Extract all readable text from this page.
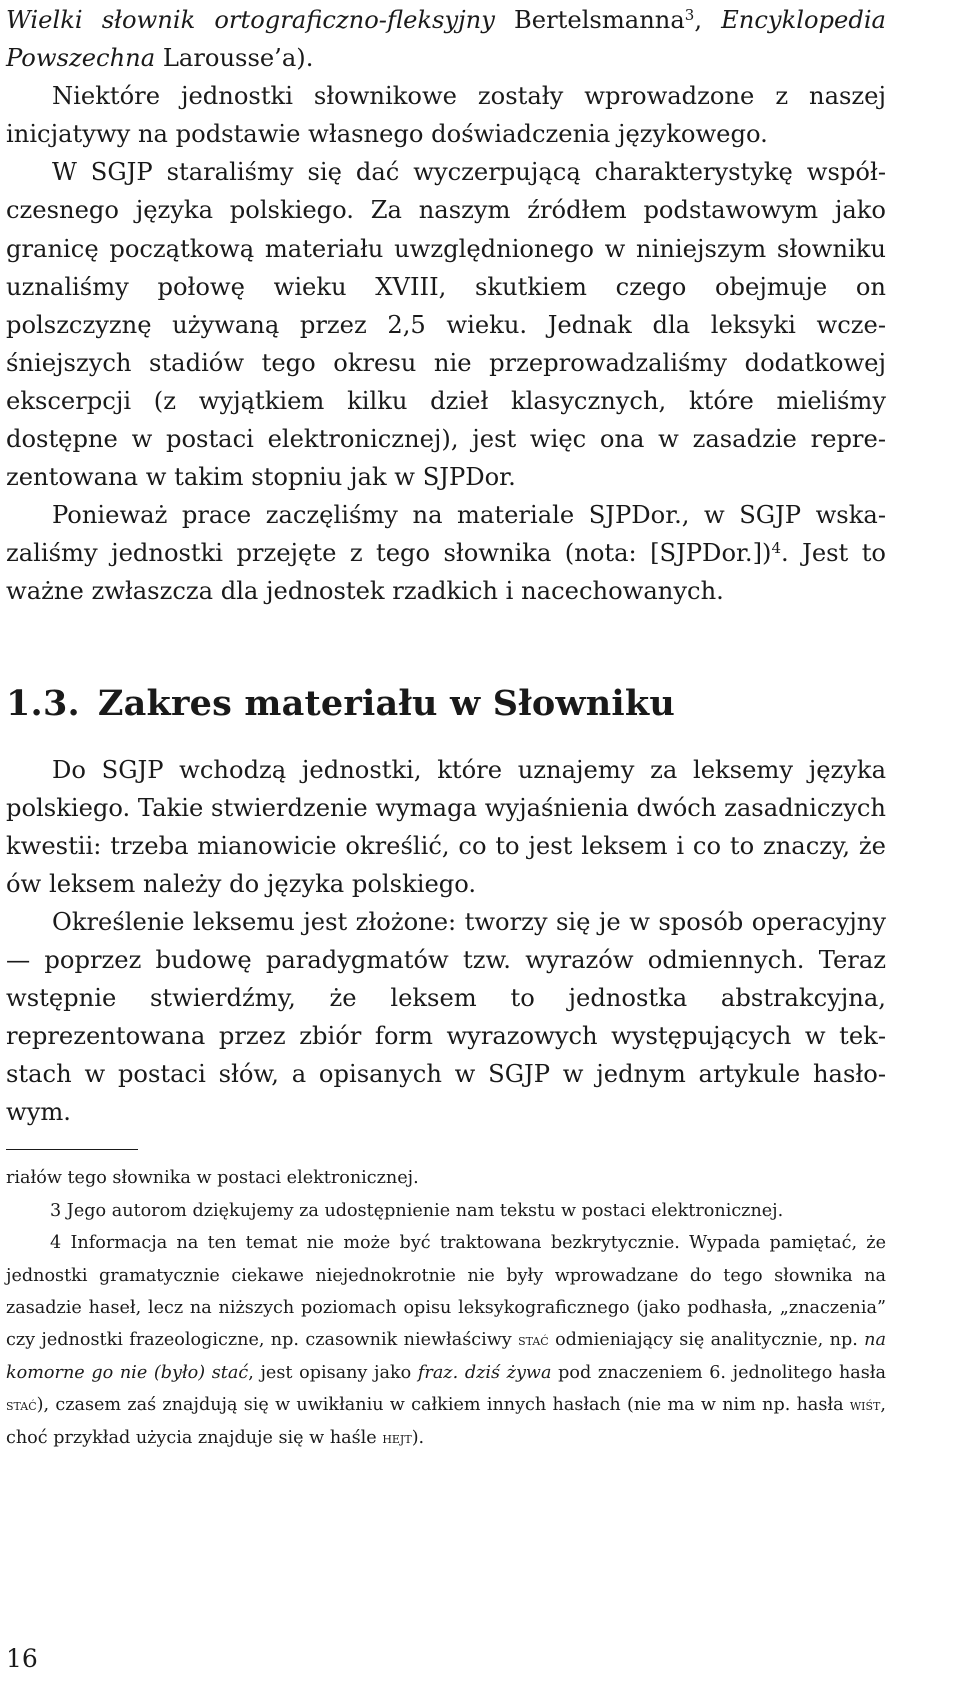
Wielki słownik ortograficzno-fleksyjny Bertelsmanna$^3$, Encyklopedia Powszechna Larousse’a).

Niektóre jednostki słownikowe zostały wprowadzone z naszej inicjatywy na podstawie własnego doświadczenia językowego.

W SGJP staraliśmy się dać wyczerpującą charakterystykę współczesnego języka polskiego. Za naszym źródłem podstawowym jako granicę początkową materiału uwzględnionego w niniejszym słowniku uznaliśmy połowę wieku XVIII, skutkiem czego obejmuje on polszczyznę używaną przez 2,5 wieku. Jednak dla leksyki wcześniejszych stadiów tego okresu nie przeprowadzaliśmy dodatkowej ekscerpcji (z wyjątkiem kilku dzieł klasycznych, które mieliśmy dostępne w postaci elektronicznej), jest więc ona w zasadzie reprezentowana w takim stopniu jak w SJPDor.

Ponieważ prace zaczęliśmy na materiale SJPDor., w SGJP wskazaliśmy jednostki przejęte z tego słownika (nota: [SJPDor.])$^4$. Jest to ważne zwłaszcza dla jednostek rzadkich i nacechowanych.

1.3. Zakres materiału w Słowniku

Do SGJP wchodzą jednostki, które uznajemy za leksemy języka polskiego. Takie stwierdzenie wymaga wyjaśnienia dwóch zasadniczych kwestii: trzeba mianowicie określić, co to jest leksem i co to znaczy, że ów leksem należy do języka polskiego.

Określenie leksemu jest złożone: tworzy się je w sposób operacyjny — poprzez budowę paradygmatów tzw. wyrazów odmiennych. Teraz wstępnie stwierdźmy, że leksem to jednostka abstrakcyjna, reprezentowana przez zbiór form wyrazowych występujących w tekstach w postaci słów, a opisanych w SGJP w jednym artykule hasłowym.

riałów tego słownika w postaci elektronicznej.

3 Jego autorom dziękujemy za udostępnienie nam tekstu w postaci elektronicznej.

4 Informacja na ten temat nie może być traktowana bezkrytycznie. Wypada pamiętać, że jednostki gramatycznie ciekawe niejednokrotnie nie były wprowadzane do tego słownika na zasadzie haseł, lecz na niższych poziomach opisu leksykograficznego (jako podhasła, „znaczenia” czy jednostki frazeologiczne, np. czasownik niewłaściwy stać odmieniający się analitycznie, np. na komorne go nie (było) stać, jest opisany jako fraz. dziś żywa pod znaczeniem 6. jednolitego hasła stać), czasem zaś znajdują się w uwikłaniu w całkiem innych hasłach (nie ma w nim np. hasła wiśt, choć przykład użycia znajduje się w haśle hejt).

16
